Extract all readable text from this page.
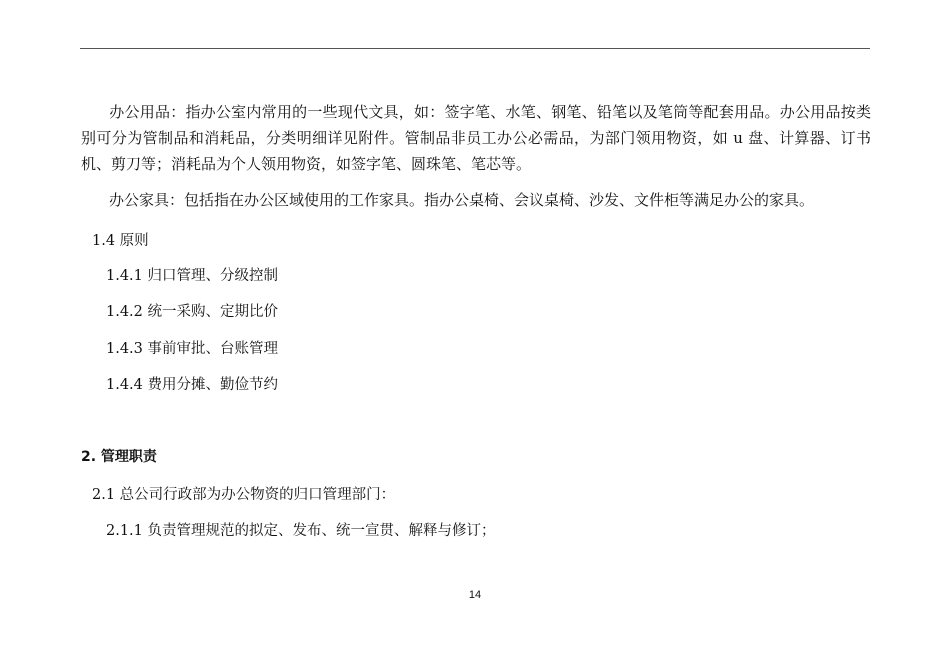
办公用品：指办公室内常用的一些现代文具，如：签字笔、水笔、钢笔、铅笔以及笔筒等配套用品。办公用品按类别可分为管制品和消耗品，分类明细详见附件。管制品非员工办公必需品，为部门领用物资，如 u 盘、计算器、订书机、剪刀等；消耗品为个人领用物资，如签字笔、圆珠笔、笔芯等。
办公家具：包括指在办公区域使用的工作家具。指办公桌椅、会议桌椅、沙发、文件柜等满足办公的家具。
1.4 原则
1.4.1 归口管理、分级控制
1.4.2 统一采购、定期比价
1.4.3 事前审批、台账管理
1.4.4 费用分摊、勤俭节约
2. 管理职责
2.1 总公司行政部为办公物资的归口管理部门：
2.1.1 负责管理规范的拟定、发布、统一宣贯、解释与修订；
14
